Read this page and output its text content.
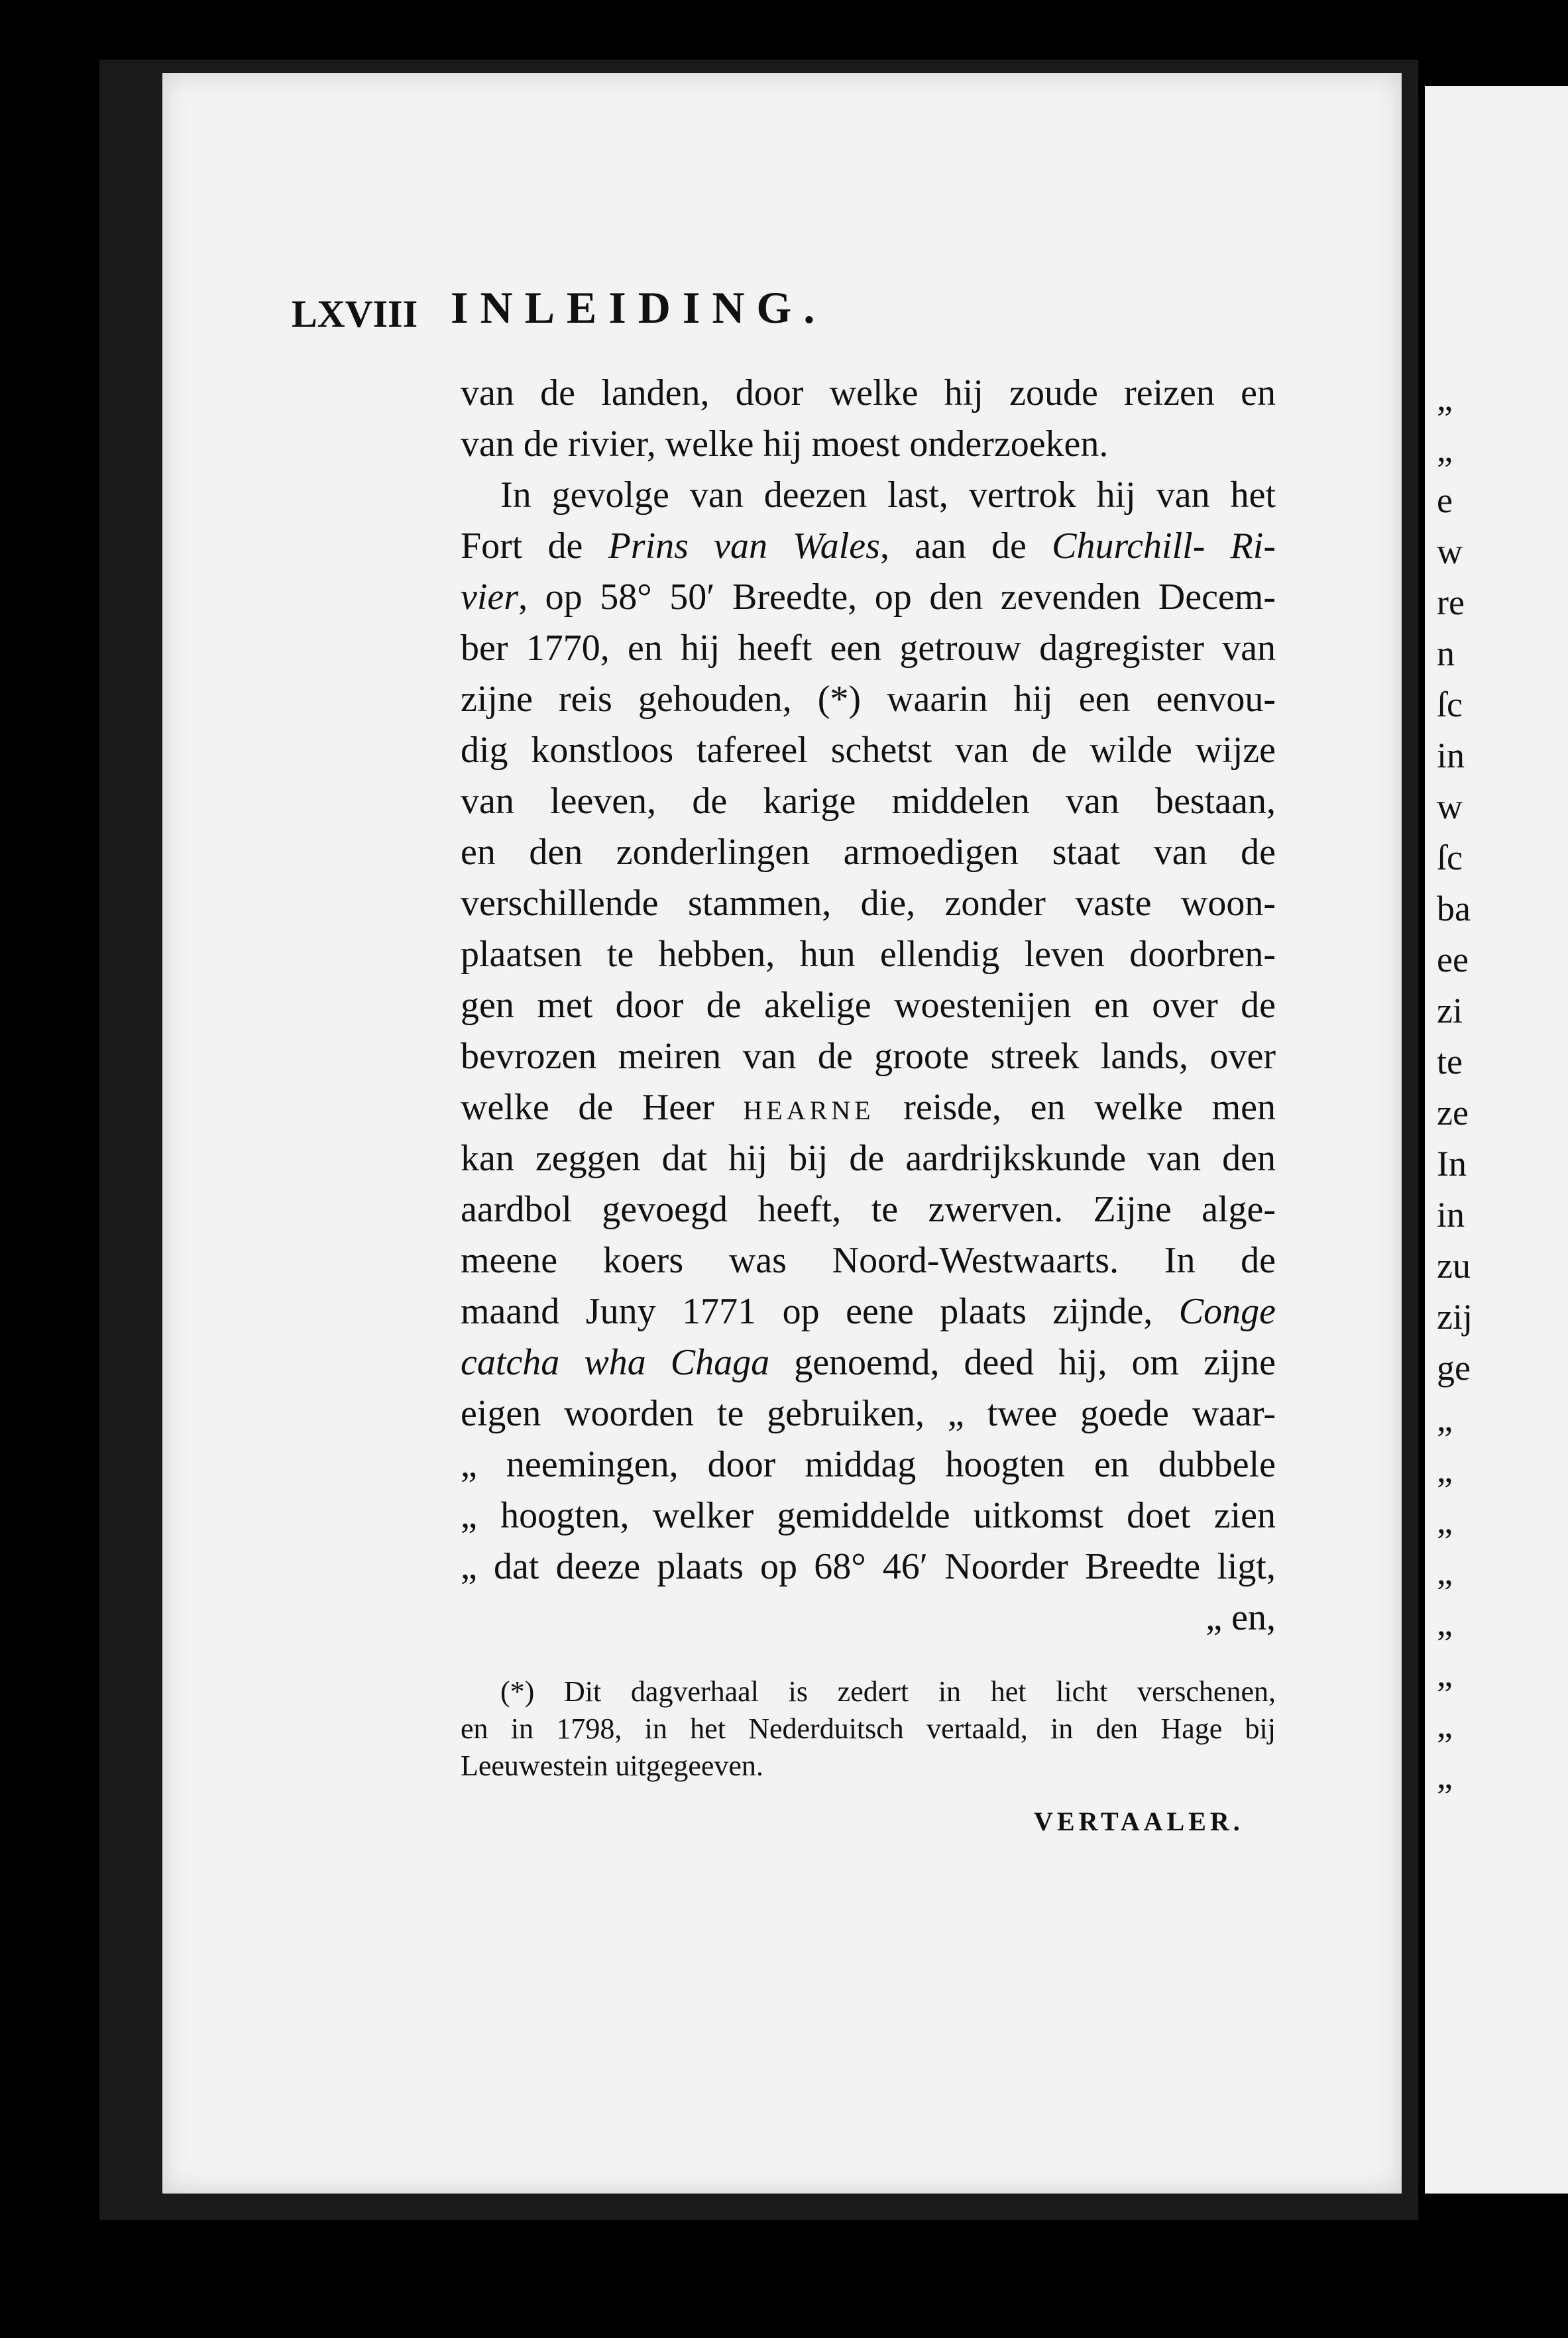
„
„
e
w
re
n
ſc
in
w
ſc
ba
ee
zi
te
ze
In
in
zu
zij
ge
„
„
„
„
„
„
„
„
LXVIII INLEIDING.
van de landen, door welke hij zoude reizen en
van de rivier, welke hij moest onderzoeken.
In gevolge van deezen last, vertrok hij van het
Fort de Prins van Wales, aan de Churchill- Ri-
vier, op 58° 50′ Breedte, op den zevenden Decem-
ber 1770, en hij heeft een getrouw dagregister van
zijne reis gehouden, (*) waarin hij een eenvou-
dig konstloos tafereel schetst van de wilde wijze
van leeven, de karige middelen van bestaan,
en den zonderlingen armoedigen staat van de
verschillende stammen, die, zonder vaste woon-
plaatsen te hebben, hun ellendig leven doorbren-
gen met door de akelige woestenijen en over de
bevrozen meiren van de groote streek lands, over
welke de Heer HEARNE reisde, en welke men
kan zeggen dat hij bij de aardrijkskunde van den
aardbol gevoegd heeft, te zwerven. Zijne alge-
meene koers was Noord-Westwaarts. In de
maand Juny 1771 op eene plaats zijnde, Conge
catcha wha Chaga genoemd, deed hij, om zijne
eigen woorden te gebruiken, „ twee goede waar-
„ neemingen, door middag hoogten en dubbele
„ hoogten, welker gemiddelde uitkomst doet zien
„ dat deeze plaats op 68° 46′ Noorder Breedte ligt,
„ en,
(*) Dit dagverhaal is zedert in het licht verschenen,
en in 1798, in het Nederduitsch vertaald, in den Hage bij
Leeuwestein uitgegeeven.
VERTAALER.
